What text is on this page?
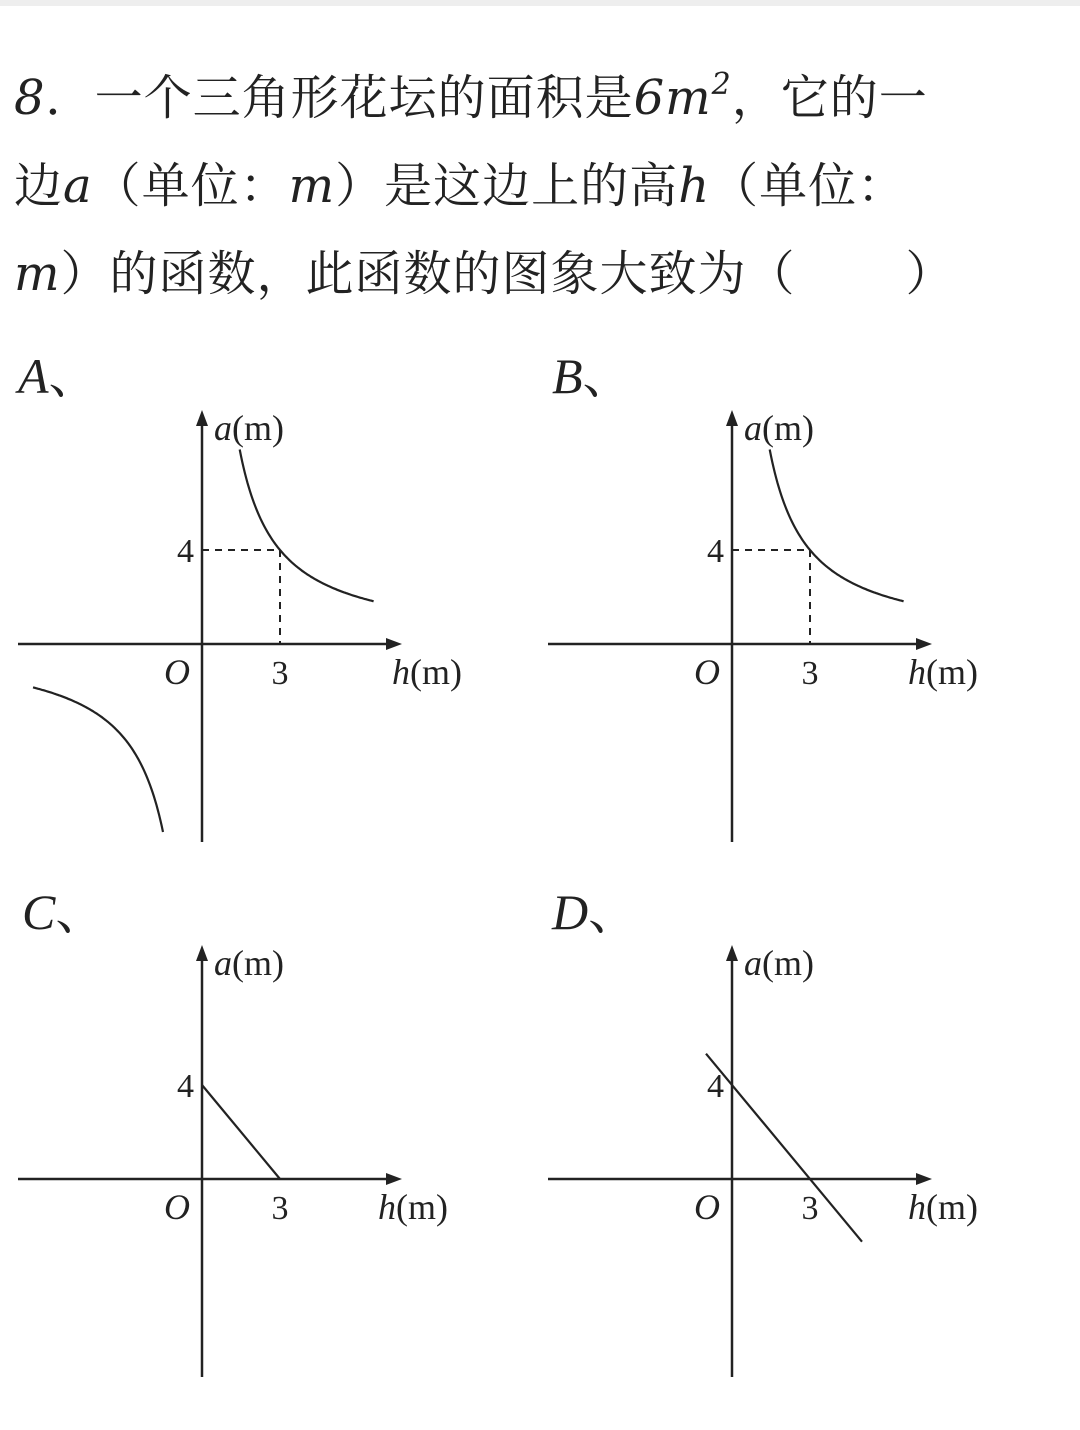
8．一个三角形花坛的面积是$6m^2$，它的一
边a（单位：m）是这边上的高h（单位：
m）的函数，此函数的图象大致为（ ）
A、	B、
C、	D、
a(m)
h(m)
O
4
3
a(m)
h(m)
O
4
3
a(m)
h(m)
O
4
3
a(m)
h(m)
O
4
3
